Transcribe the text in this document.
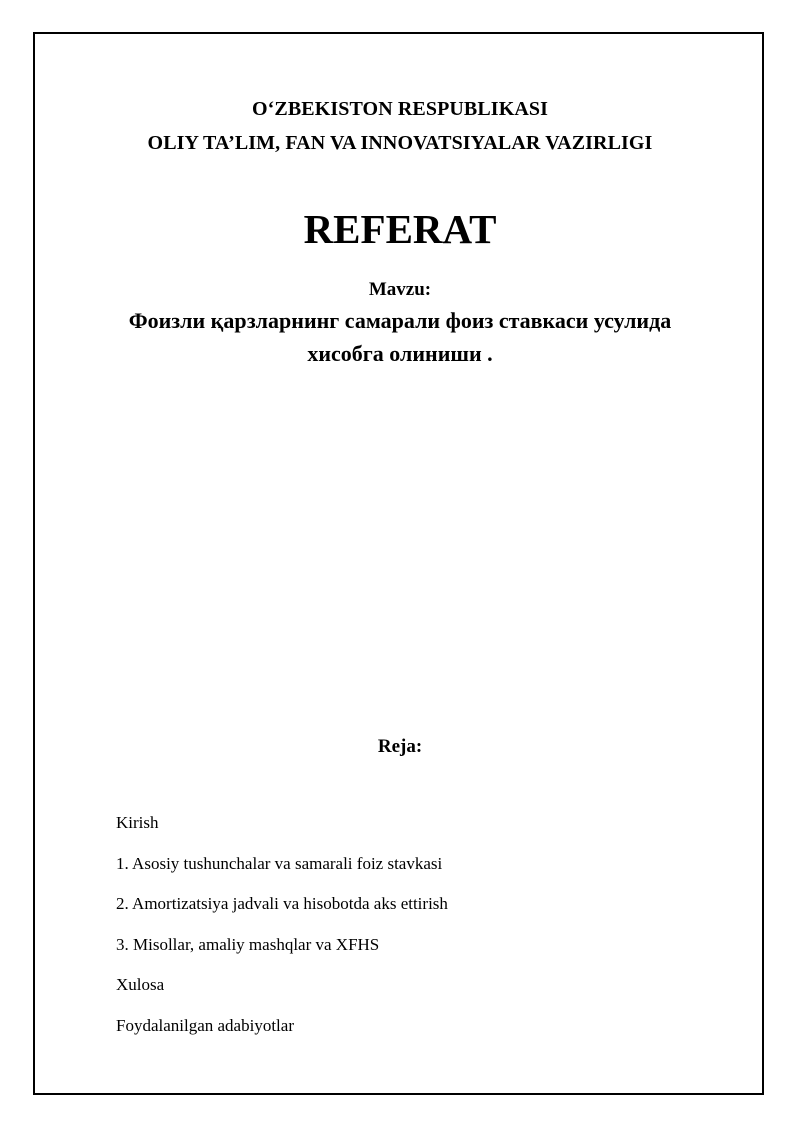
O‘ZBEKISTON RESPUBLIKASI
OLIY TA’LIM, FAN VA INNOVATSIYALAR VAZIRLIGI
REFERAT
Mavzu:
Фоизли қарзларнинг самарали фоиз ставкаси усулида
хисобга олиниши .
Reja:
Kirish
1. Asosiy tushunchalar va samarali foiz stavkasi
2. Amortizatsiya jadvali va hisobotda aks ettirish
3. Misollar, amaliy mashqlar va XFHS
Xulosa
Foydalanilgan adabiyotlar
